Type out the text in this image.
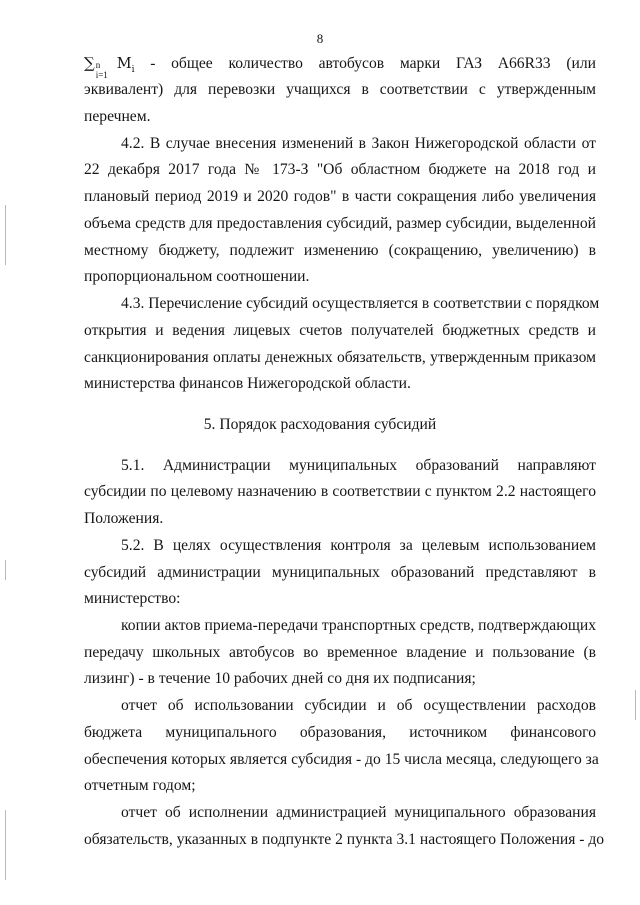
8
∑ n
i=1
$M_i$ - общее количество автобусов марки ГАЗ А66R33 (или
эквивалент) для перевозки учащихся в соответствии с утвержденным
перечнем.
4.2. В случае внесения изменений в Закон Нижегородской области от
22 декабря 2017 года № 173-З "Об областном бюджете на 2018 год и
плановый период 2019 и 2020 годов" в части сокращения либо увеличения
объема средств для предоставления субсидий, размер субсидии, выделенной
местному бюджету, подлежит изменению (сокращению, увеличению) в
пропорциональном соотношении.
4.3. Перечисление субсидий осуществляется в соответствии с порядком
открытия и ведения лицевых счетов получателей бюджетных средств и
санкционирования оплаты денежных обязательств, утвержденным приказом
министерства финансов Нижегородской области.
5. Порядок расходования субсидий
5.1. Администрации муниципальных образований направляют
субсидии по целевому назначению в соответствии с пунктом 2.2 настоящего
Положения.
5.2. В целях осуществления контроля за целевым использованием
субсидий администрации муниципальных образований представляют в
министерство:
копии актов приема-передачи транспортных средств, подтверждающих
передачу школьных автобусов во временное владение и пользование (в
лизинг) - в течение 10 рабочих дней со дня их подписания;
отчет об использовании субсидии и об осуществлении расходов
бюджета муниципального образования, источником финансового
обеспечения которых является субсидия - до 15 числа месяца, следующего за
отчетным годом;
отчет об исполнении администрацией муниципального образования
обязательств, указанных в подпункте 2 пункта 3.1 настоящего Положения - до
